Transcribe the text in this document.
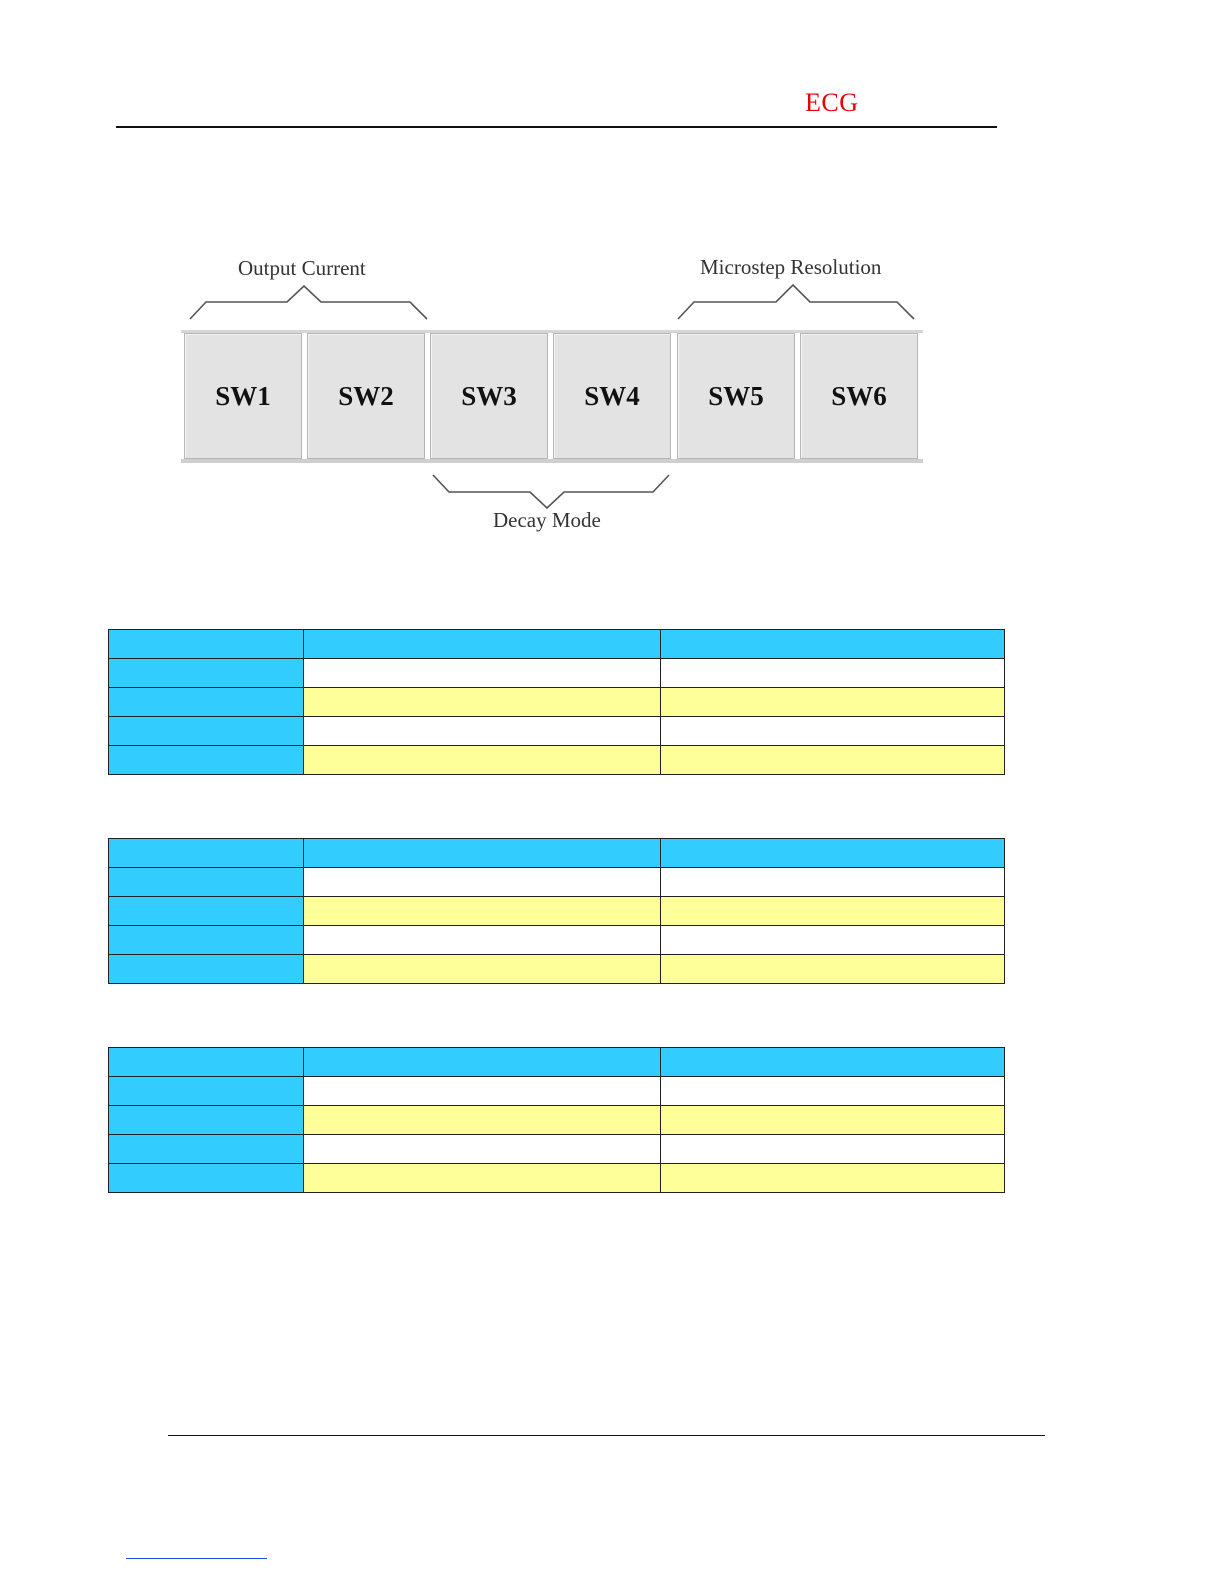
ECG
Output Current	Microstep Resolution
Decay Mode
SW1	SW2	SW3	SW4	SW5	SW6
